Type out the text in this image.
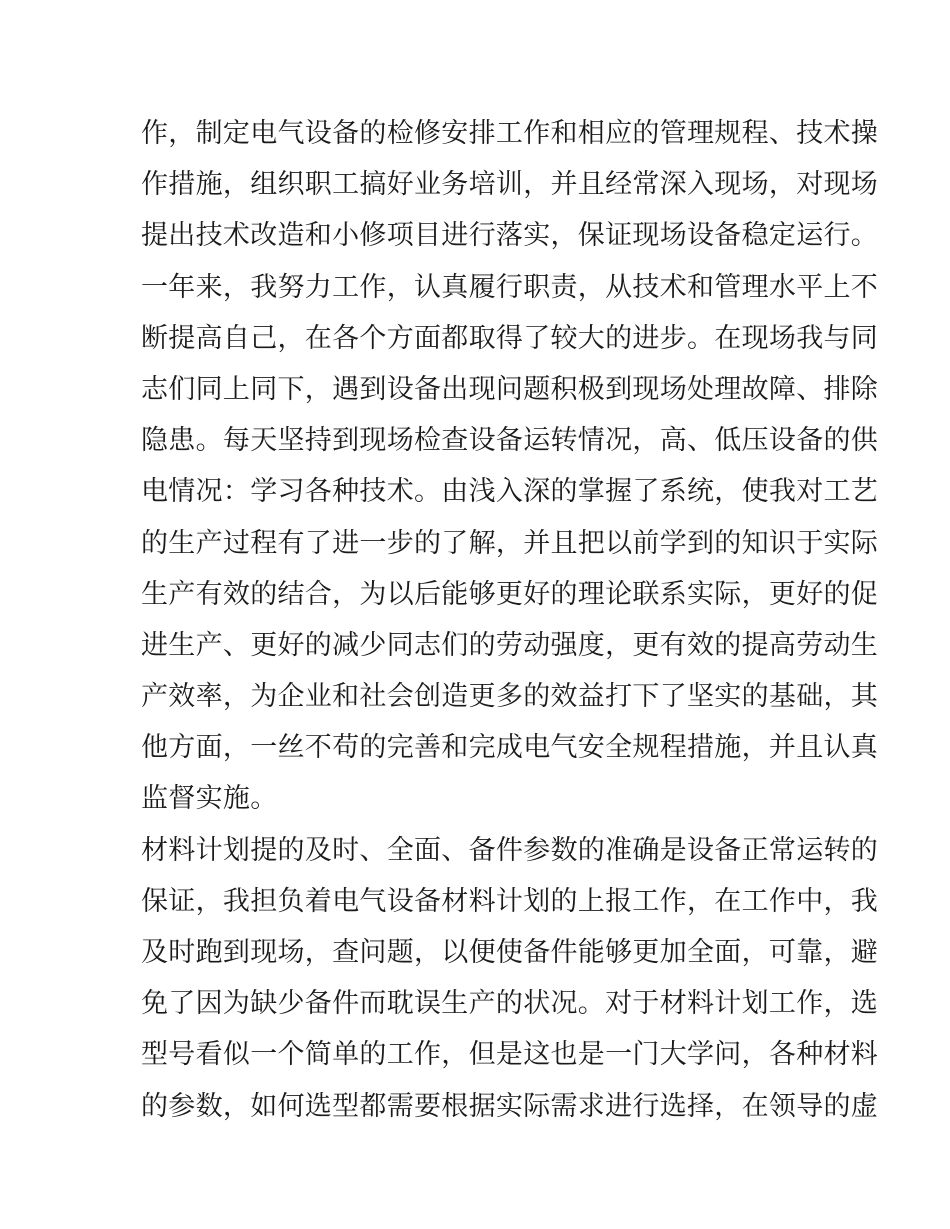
作，制定电气设备的检修安排工作和相应的管理规程、技术操
作措施，组织职工搞好业务培训，并且经常深入现场，对现场
提出技术改造和小修项目进行落实，保证现场设备稳定运行。
一年来，我努力工作，认真履行职责，从技术和管理水平上不
断提高自己，在各个方面都取得了较大的进步。在现场我与同
志们同上同下，遇到设备出现问题积极到现场处理故障、排除
隐患。每天坚持到现场检查设备运转情况，高、低压设备的供
电情况：学习各种技术。由浅入深的掌握了系统，使我对工艺
的生产过程有了进一步的了解，并且把以前学到的知识于实际
生产有效的结合，为以后能够更好的理论联系实际，更好的促
进生产、更好的减少同志们的劳动强度，更有效的提高劳动生
产效率，为企业和社会创造更多的效益打下了坚实的基础，其
他方面，一丝不苟的完善和完成电气安全规程措施，并且认真
监督实施。
材料计划提的及时、全面、备件参数的准确是设备正常运转的
保证，我担负着电气设备材料计划的上报工作，在工作中，我
及时跑到现场，查问题，以便使备件能够更加全面，可靠，避
免了因为缺少备件而耽误生产的状况。对于材料计划工作，选
型号看似一个简单的工作，但是这也是一门大学问，各种材料
的参数，如何选型都需要根据实际需求进行选择，在领导的虚
